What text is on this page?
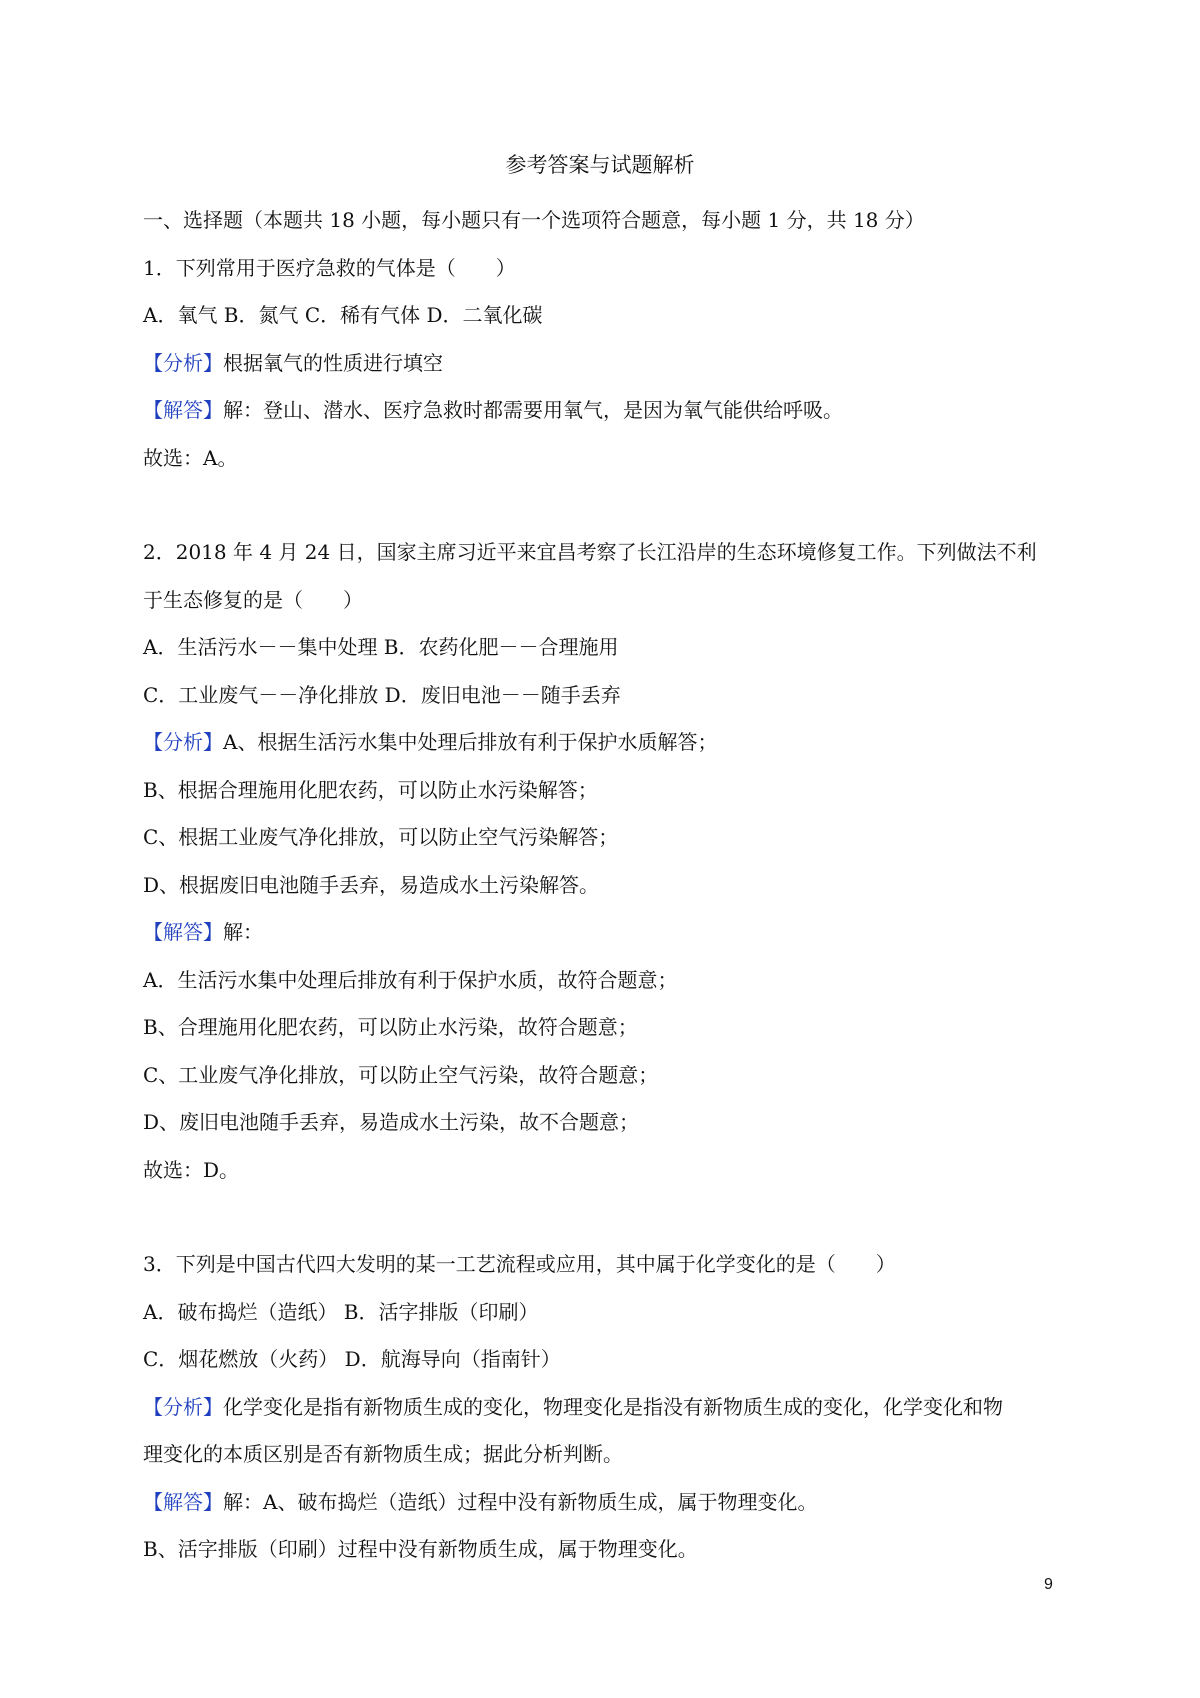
参考答案与试题解析
一、选择题（本题共 18 小题，每小题只有一个选项符合题意，每小题 1 分，共 18 分）
1．下列常用于医疗急救的气体是（　　）
A．氧气 B．氮气 C．稀有气体 D．二氧化碳
【分析】根据氧气的性质进行填空
【解答】解：登山、潜水、医疗急救时都需要用氧气，是因为氧气能供给呼吸。
故选：A。
2．2018 年 4 月 24 日，国家主席习近平来宜昌考察了长江沿岸的生态环境修复工作。下列做法不利
于生态修复的是（　　）
A．生活污水－－集中处理 B．农药化肥－－合理施用
C．工业废气－－净化排放 D．废旧电池－－随手丢弃
【分析】A、根据生活污水集中处理后排放有利于保护水质解答；
B、根据合理施用化肥农药，可以防止水污染解答；
C、根据工业废气净化排放，可以防止空气污染解答；
D、根据废旧电池随手丢弃，易造成水土污染解答。
【解答】解：
A．生活污水集中处理后排放有利于保护水质，故符合题意；
B、合理施用化肥农药，可以防止水污染，故符合题意；
C、工业废气净化排放，可以防止空气污染，故符合题意；
D、废旧电池随手丢弃，易造成水土污染，故不合题意；
故选：D。
3．下列是中国古代四大发明的某一工艺流程或应用，其中属于化学变化的是（　　）
A．破布捣烂（造纸） B．活字排版（印刷）
C．烟花燃放（火药） D．航海导向（指南针）
【分析】化学变化是指有新物质生成的变化，物理变化是指没有新物质生成的变化，化学变化和物
理变化的本质区别是否有新物质生成；据此分析判断。
【解答】解：A、破布捣烂（造纸）过程中没有新物质生成，属于物理变化。
B、活字排版（印刷）过程中没有新物质生成，属于物理变化。
9
